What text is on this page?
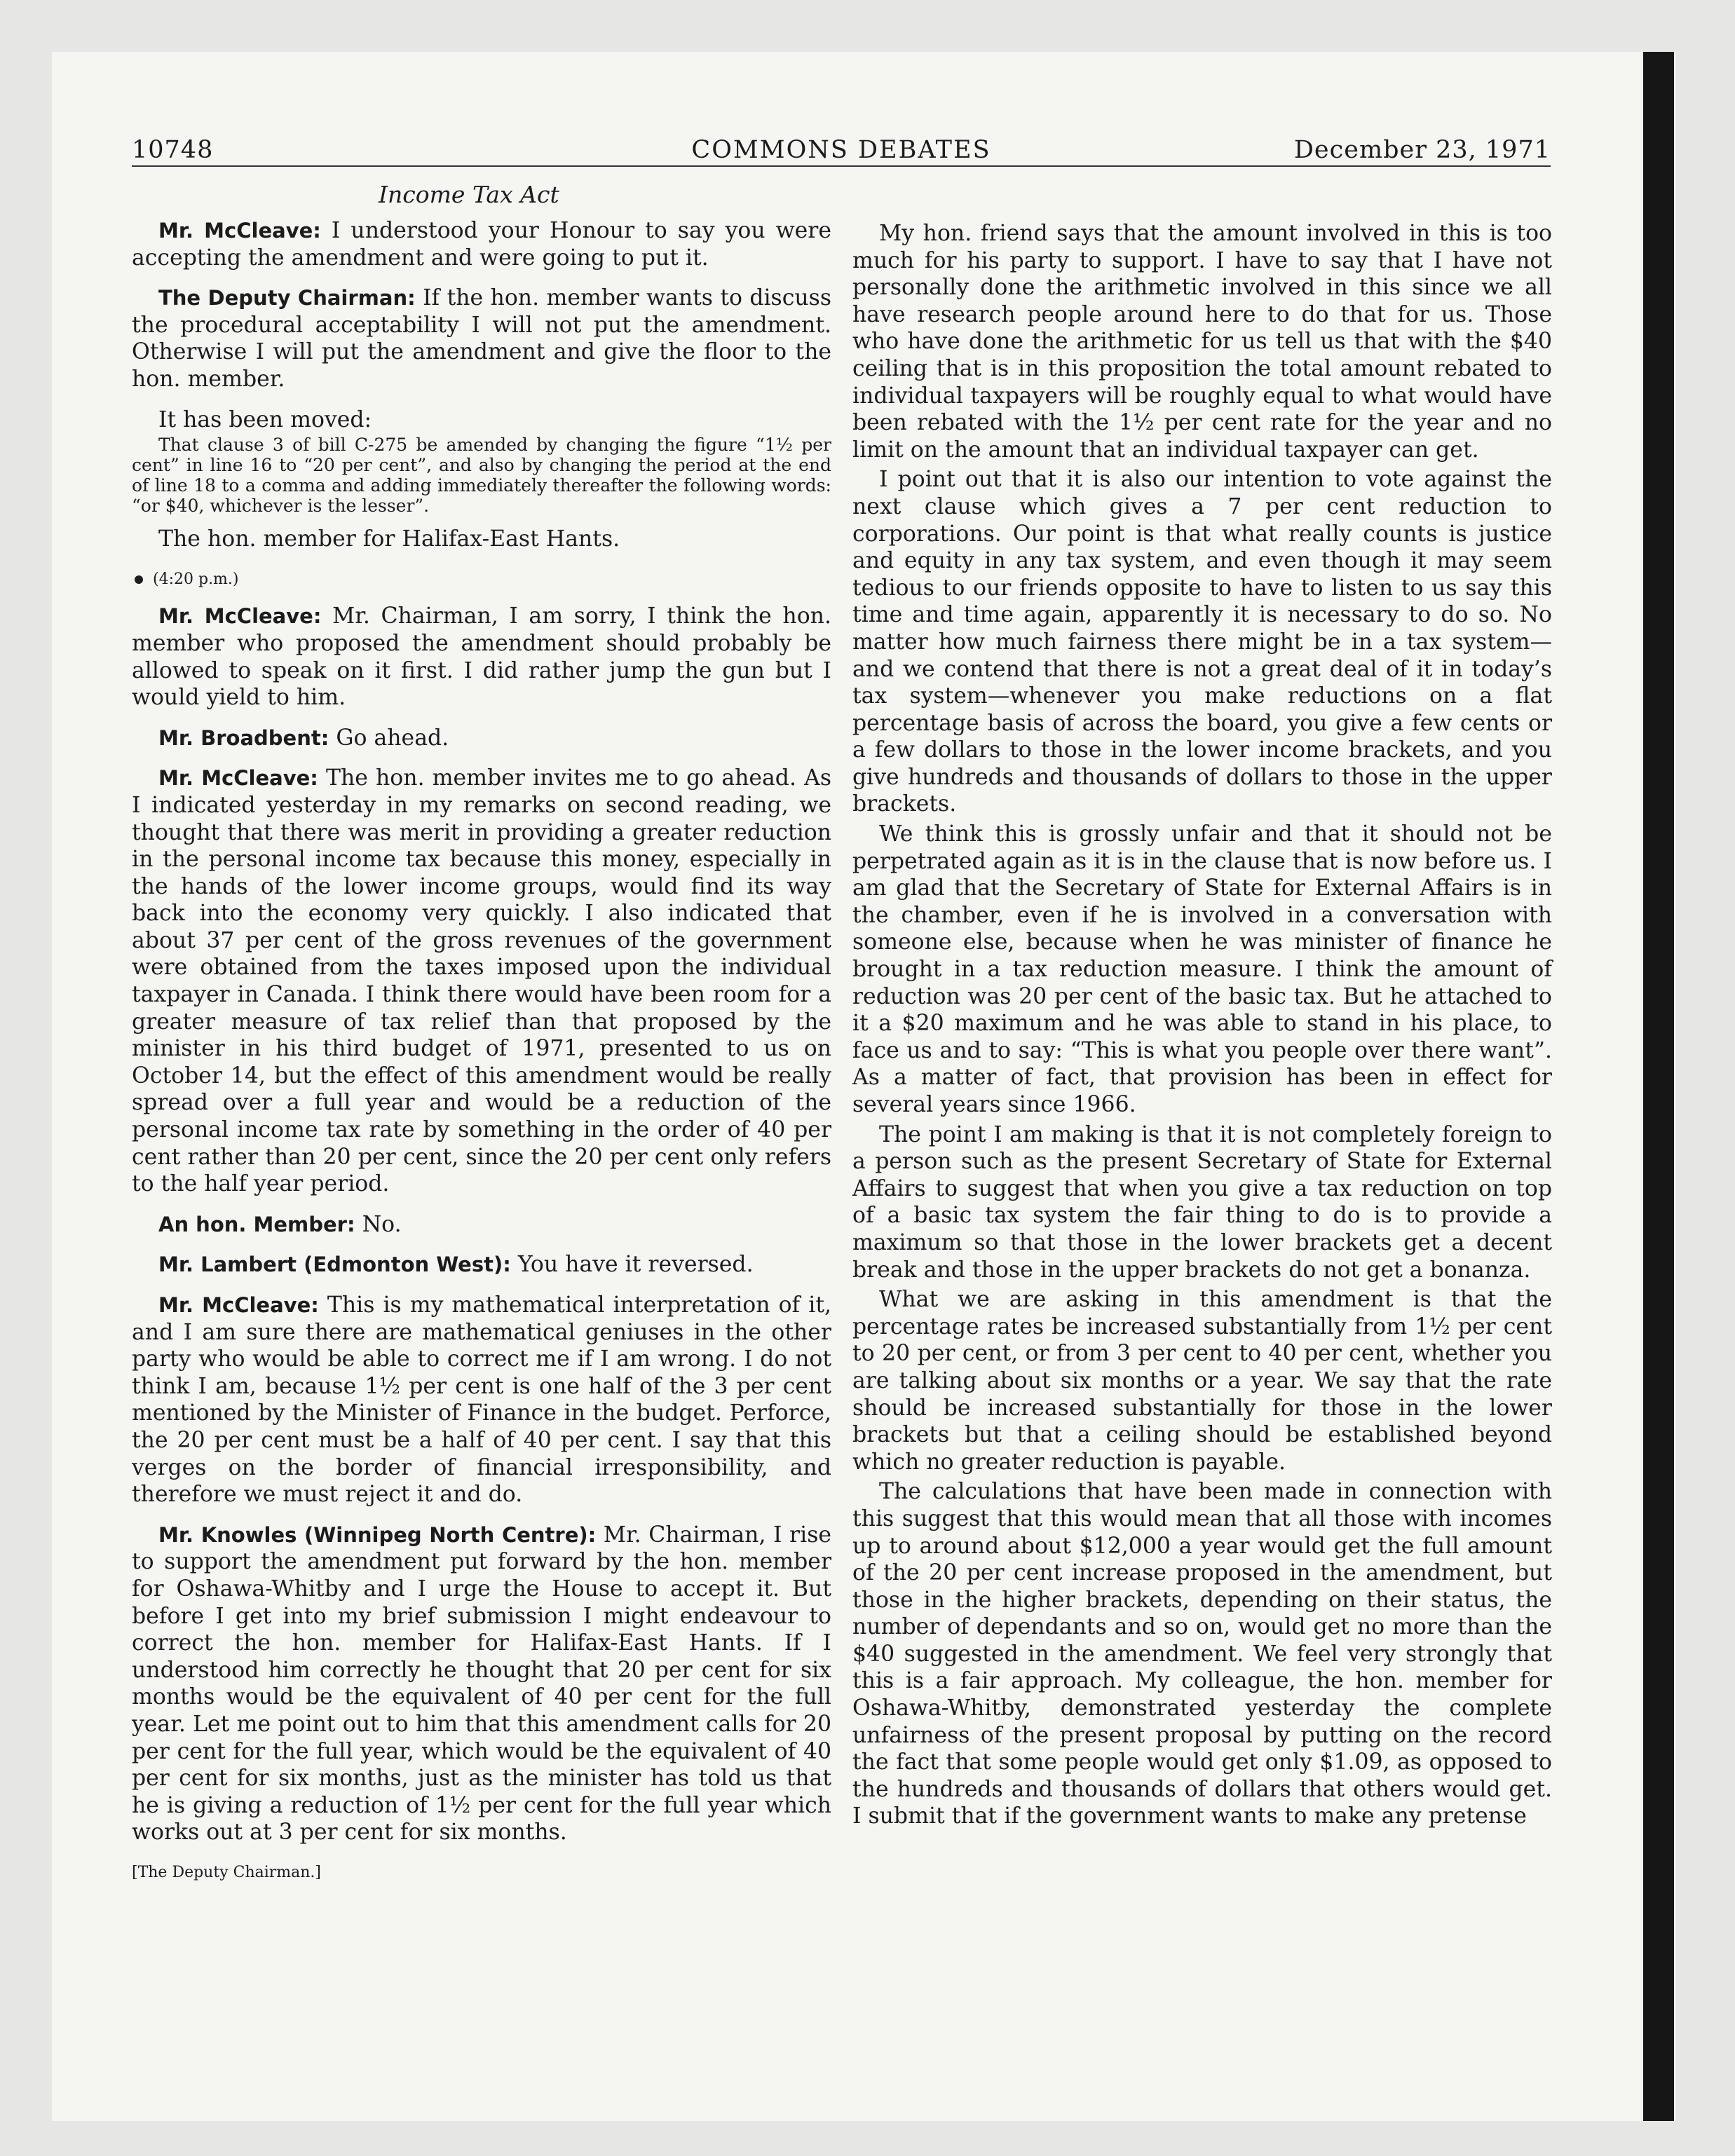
10748	COMMONS DEBATES	December 23, 1971
Income Tax Act

Mr. McCleave: I understood your Honour to say you were accepting the amendment and were going to put it.

The Deputy Chairman: If the hon. member wants to discuss the procedural acceptability I will not put the amendment. Otherwise I will put the amendment and give the floor to the hon. member.

It has been moved:

That clause 3 of bill C-275 be amended by changing the figure “1½ per cent” in line 16 to “20 per cent”, and also by changing the period at the end of line 18 to a comma and adding immediately thereafter the following words: “or $40, whichever is the lesser”.

The hon. member for Halifax-East Hants.

(4:20 p.m.)

Mr. McCleave: Mr. Chairman, I am sorry, I think the hon. member who proposed the amendment should probably be allowed to speak on it first. I did rather jump the gun but I would yield to him.

Mr. Broadbent: Go ahead.

Mr. McCleave: The hon. member invites me to go ahead. As I indicated yesterday in my remarks on second reading, we thought that there was merit in providing a greater reduction in the personal income tax because this money, especially in the hands of the lower income groups, would find its way back into the economy very quickly. I also indicated that about 37 per cent of the gross revenues of the government were obtained from the taxes imposed upon the individual taxpayer in Canada. I think there would have been room for a greater measure of tax relief than that proposed by the minister in his third budget of 1971, presented to us on October 14, but the effect of this amendment would be really spread over a full year and would be a reduction of the personal income tax rate by something in the order of 40 per cent rather than 20 per cent, since the 20 per cent only refers to the half year period.

An hon. Member: No.

Mr. Lambert (Edmonton West): You have it reversed.

Mr. McCleave: This is my mathematical interpretation of it, and I am sure there are mathematical geniuses in the other party who would be able to correct me if I am wrong. I do not think I am, because 1½ per cent is one half of the 3 per cent mentioned by the Minister of Finance in the budget. Perforce, the 20 per cent must be a half of 40 per cent. I say that this verges on the border of financial irresponsibility, and therefore we must reject it and do.

Mr. Knowles (Winnipeg North Centre): Mr. Chairman, I rise to support the amendment put forward by the hon. member for Oshawa-Whitby and I urge the House to accept it. But before I get into my brief submission I might endeavour to correct the hon. member for Halifax-East Hants. If I understood him correctly he thought that 20 per cent for six months would be the equivalent of 40 per cent for the full year. Let me point out to him that this amendment calls for 20 per cent for the full year, which would be the equivalent of 40 per cent for six months, just as the minister has told us that he is giving a reduction of 1½ per cent for the full year which works out at 3 per cent for six months.

[The Deputy Chairman.]

My hon. friend says that the amount involved in this is too much for his party to support. I have to say that I have not personally done the arithmetic involved in this since we all have research people around here to do that for us. Those who have done the arithmetic for us tell us that with the $40 ceiling that is in this proposition the total amount rebated to individual taxpayers will be roughly equal to what would have been rebated with the 1½ per cent rate for the year and no limit on the amount that an individual taxpayer can get.

I point out that it is also our intention to vote against the next clause which gives a 7 per cent reduction to corporations. Our point is that what really counts is justice and equity in any tax system, and even though it may seem tedious to our friends opposite to have to listen to us say this time and time again, apparently it is necessary to do so. No matter how much fairness there might be in a tax system—and we contend that there is not a great deal of it in today’s tax system—whenever you make reductions on a flat percentage basis of across the board, you give a few cents or a few dollars to those in the lower income brackets, and you give hundreds and thousands of dollars to those in the upper brackets.

We think this is grossly unfair and that it should not be perpetrated again as it is in the clause that is now before us. I am glad that the Secretary of State for External Affairs is in the chamber, even if he is involved in a conversation with someone else, because when he was minister of finance he brought in a tax reduction measure. I think the amount of reduction was 20 per cent of the basic tax. But he attached to it a $20 maximum and he was able to stand in his place, to face us and to say: “This is what you people over there want”. As a matter of fact, that provision has been in effect for several years since 1966.

The point I am making is that it is not completely foreign to a person such as the present Secretary of State for External Affairs to suggest that when you give a tax reduction on top of a basic tax system the fair thing to do is to provide a maximum so that those in the lower brackets get a decent break and those in the upper brackets do not get a bonanza.

What we are asking in this amendment is that the percentage rates be increased substantially from 1½ per cent to 20 per cent, or from 3 per cent to 40 per cent, whether you are talking about six months or a year. We say that the rate should be increased substantially for those in the lower brackets but that a ceiling should be established beyond which no greater reduction is payable.

The calculations that have been made in connection with this suggest that this would mean that all those with incomes up to around about $12,000 a year would get the full amount of the 20 per cent increase proposed in the amendment, but those in the higher brackets, depending on their status, the number of dependants and so on, would get no more than the $40 suggested in the amendment. We feel very strongly that this is a fair approach. My colleague, the hon. member for Oshawa-Whitby, demonstrated yesterday the complete unfairness of the present proposal by putting on the record the fact that some people would get only $1.09, as opposed to the hundreds and thousands of dollars that others would get. I submit that if the government wants to make any pretense
